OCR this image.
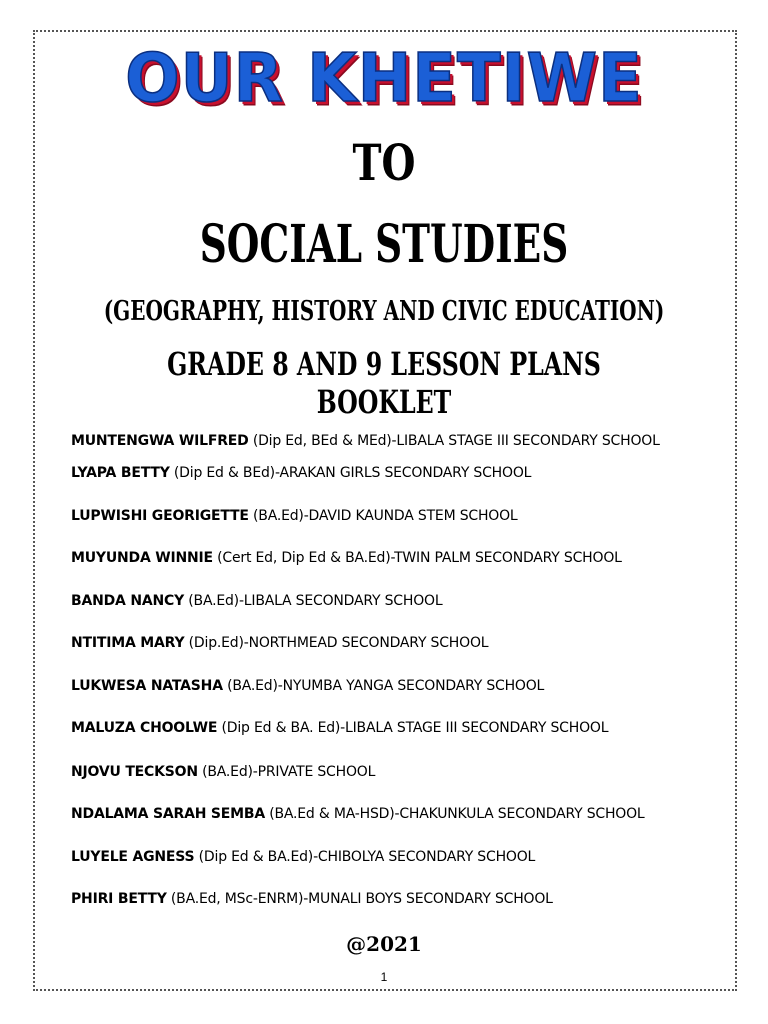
OUR KHETIWE
TO
SOCIAL STUDIES
(GEOGRAPHY, HISTORY AND CIVIC EDUCATION)
GRADE 8 AND 9 LESSON PLANS BOOKLET
MUNTENGWA WILFRED (Dip Ed, BEd & MEd)-LIBALA STAGE III SECONDARY SCHOOL
LYAPA BETTY (Dip Ed & BEd)-ARAKAN GIRLS SECONDARY SCHOOL
LUPWISHI GEORIGETTE (BA.Ed)-DAVID KAUNDA STEM SCHOOL
MUYUNDA WINNIE (Cert Ed, Dip Ed & BA.Ed)-TWIN PALM SECONDARY SCHOOL
BANDA NANCY (BA.Ed)-LIBALA SECONDARY SCHOOL
NTITIMA MARY (Dip.Ed)-NORTHMEAD SECONDARY SCHOOL
LUKWESA NATASHA (BA.Ed)-NYUMBA YANGA SECONDARY SCHOOL
MALUZA CHOOLWE (Dip Ed & BA. Ed)-LIBALA STAGE III SECONDARY SCHOOL
NJOVU TECKSON (BA.Ed)-PRIVATE SCHOOL
NDALAMA SARAH SEMBA (BA.Ed & MA-HSD)-CHAKUNKULA SECONDARY SCHOOL
LUYELE AGNESS (Dip Ed & BA.Ed)-CHIBOLYA SECONDARY SCHOOL
PHIRI BETTY (BA.Ed, MSc-ENRM)-MUNALI BOYS SECONDARY SCHOOL
@2021
1
